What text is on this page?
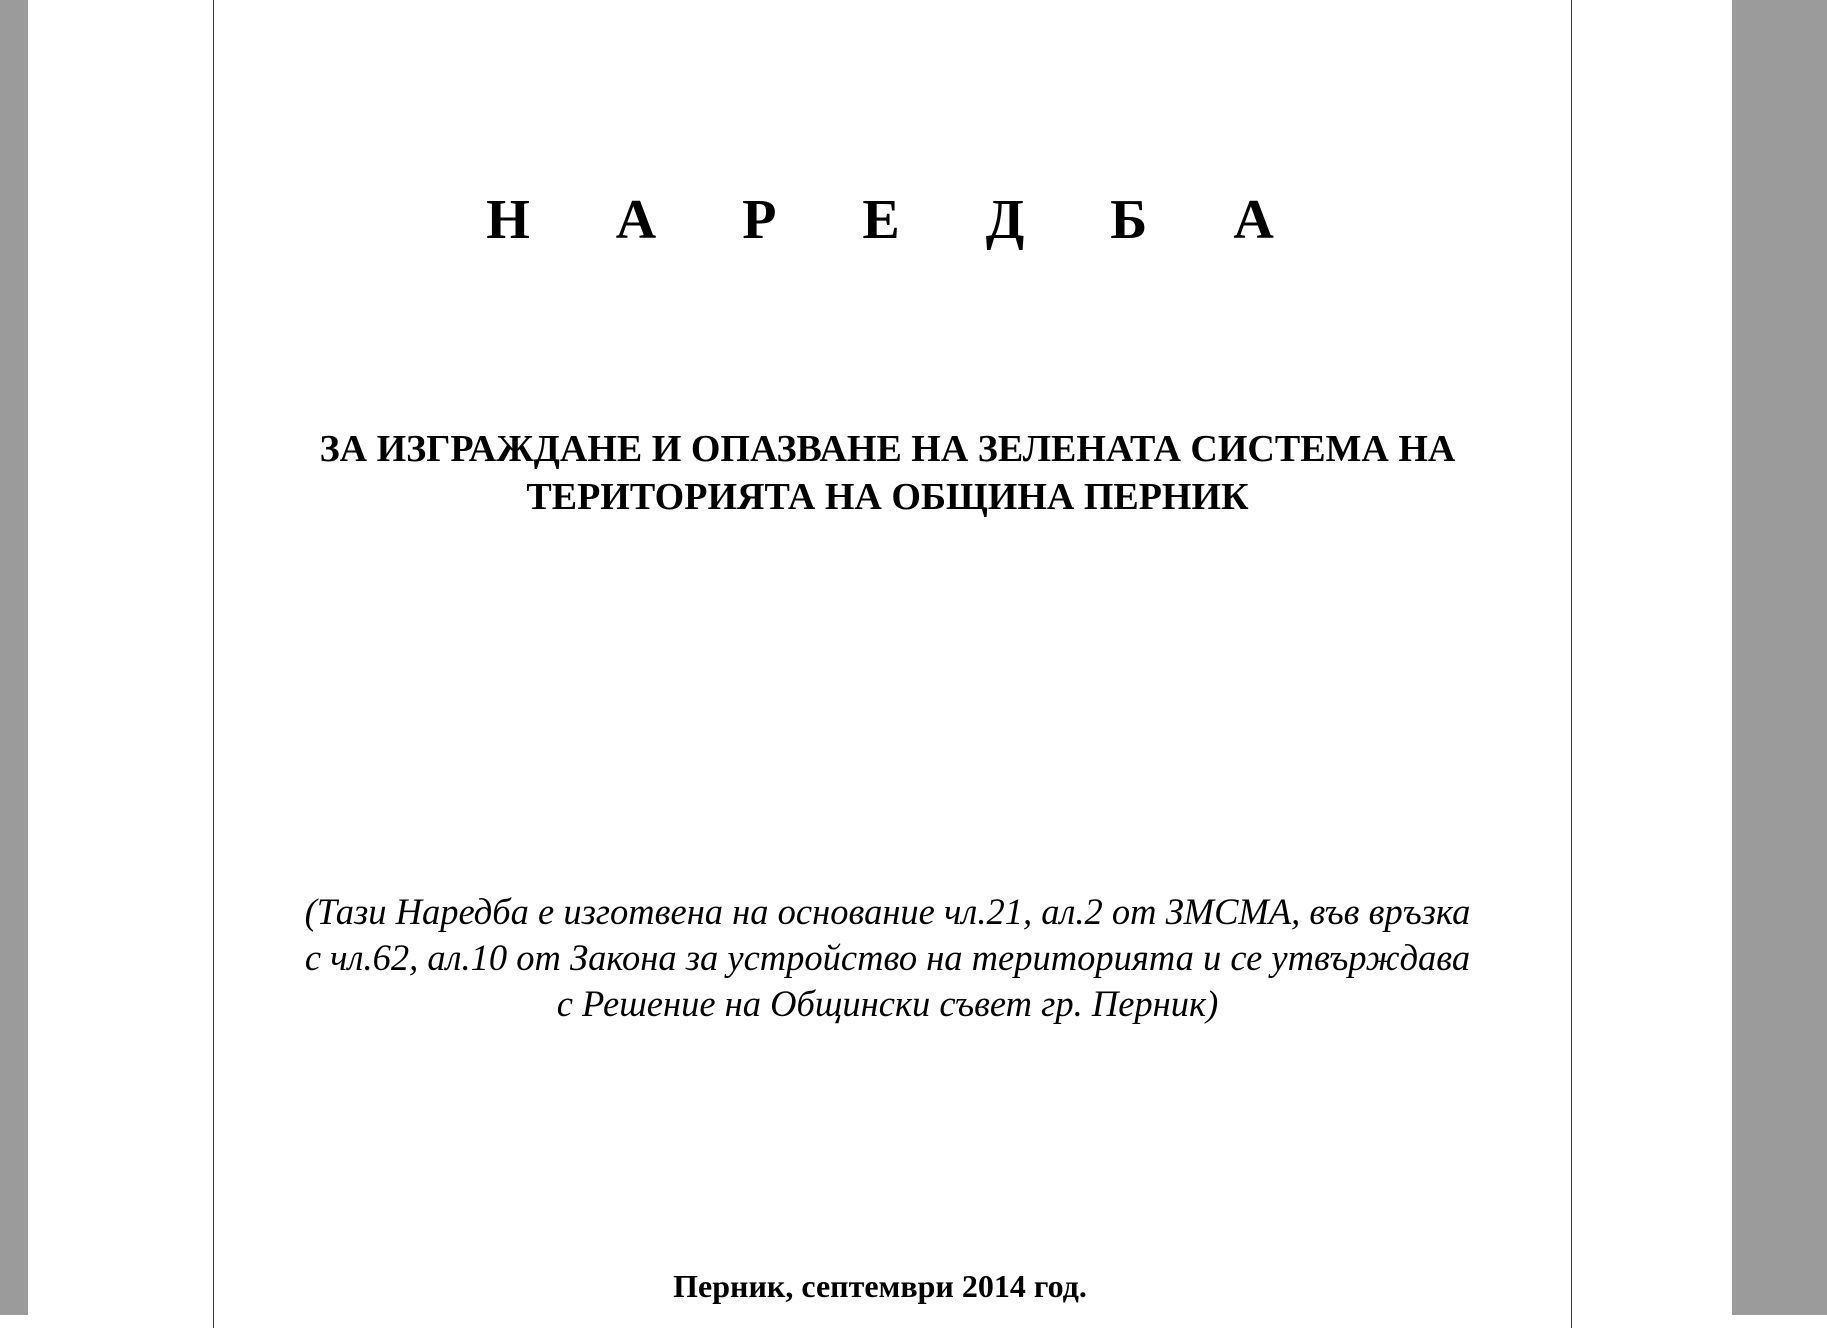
Н А Р Е Д Б А
ЗА ИЗГРАЖДАНЕ И ОПАЗВАНЕ НА ЗЕЛЕНАТА СИСТЕМА НА
ТЕРИТОРИЯТА НА ОБЩИНА ПЕРНИК
(Тази Наредба е изготвена на основание чл.21, ал.2 от ЗМСМА, във връзка
с чл.62, ал.10 от Закона за устройство на територията и се утвърждава
с Решение на Общински съвет гр. Перник)
Перник, септември 2014 год.
